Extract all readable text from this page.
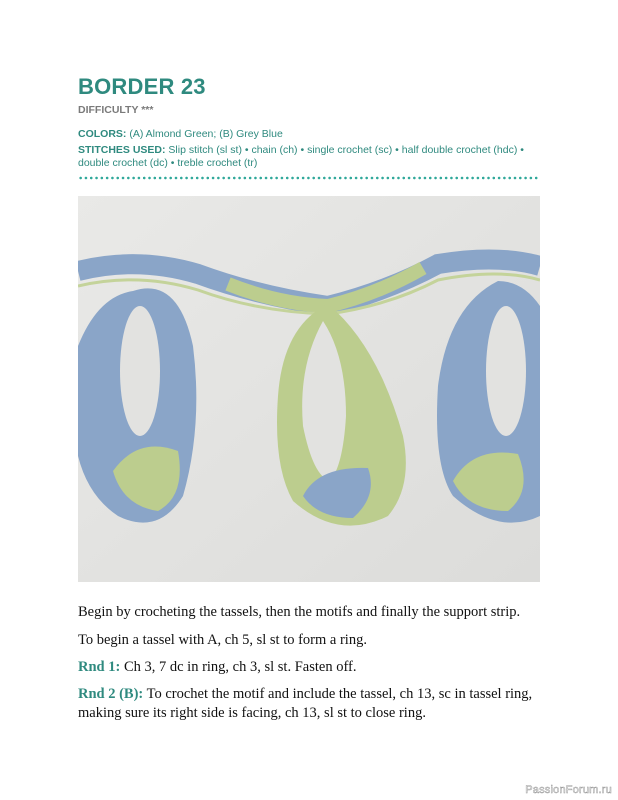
BORDER 23
DIFFICULTY ***
COLORS: (A) Almond Green; (B) Grey Blue
STITCHES USED: Slip stitch (sl st) • chain (ch) • single crochet (sc) • half double crochet (hdc) • double crochet (dc) • treble crochet (tr)
Begin by crocheting the tassels, then the motifs and finally the support strip.
To begin a tassel with A, ch 5, sl st to form a ring.
Rnd 1: Ch 3, 7 dc in ring, ch 3, sl st. Fasten off.
Rnd 2 (B): To crochet the motif and include the tassel, ch 13, sc in tassel ring, making sure its right side is facing, ch 13, sl st to close ring.
PassionForum.ru
